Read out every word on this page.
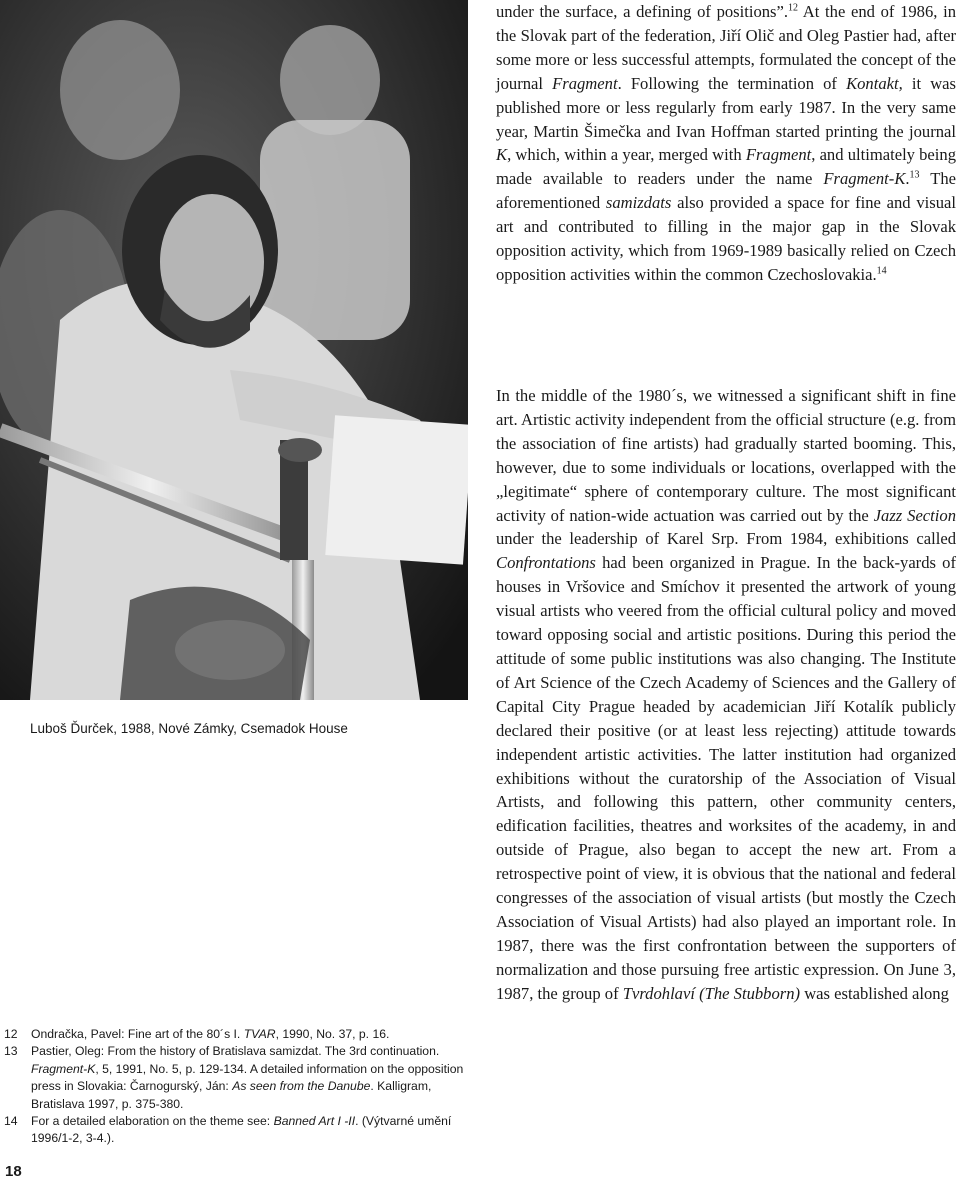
Luboš Ďurček, 1988, Nové Zámky, Csemadok House
12	Ondračka, Pavel: Fine art of the 80´s I. TVAR, 1990, No. 37, p. 16.
13	Pastier, Oleg: From the history of Bratislava samizdat. The 3rd continuation. Fragment-K, 5, 1991, No. 5, p. 129-134. A detailed information on the opposition press in Slovakia: Čarnogurský, Ján: As seen from the Danube. Kalligram, Bratislava 1997, p. 375-380.
14	For a detailed elaboration on the theme see: Banned Art I -II. (Výtvarné umění 1996/1-2, 3-4.).
18

under the surface, a defining of positions”.$^{12}$ At the end of 1986, in the Slovak part of the federation, Jiří Olič and Oleg Pastier had, after some more or less successful attempts, formulated the concept of the journal Fragment. Following the termination of Kontakt, it was published more or less regularly from early 1987. In the very same year, Martin Šimečka and Ivan Hoffman started printing the journal K, which, within a year, merged with Fragment, and ultimately being made available to readers under the name Fragment-K.$^{13}$ The aforementioned samizdats also provided a space for fine and visual art and contributed to filling in the major gap in the Slovak opposition activity, which from 1969-1989 basically relied on Czech opposition activities within the common Czechoslovakia.$^{14}$

In the middle of the 1980´s, we witnessed a significant shift in fine art. Artistic activity independent from the official structure (e.g. from the association of fine artists) had gradually started booming. This, however, due to some individuals or locations, overlapped with the „legitimate“ sphere of contemporary culture. The most significant activity of nation-wide actuation was carried out by the Jazz Section under the leadership of Karel Srp. From 1984, exhibitions called Confrontations had been organized in Prague. In the back-yards of houses in Vršovice and Smíchov it presented the artwork of young visual artists who veered from the official cultural policy and moved toward opposing social and artistic positions. During this period the attitude of some public institutions was also changing. The Institute of Art Science of the Czech Academy of Sciences and the Gallery of Capital City Prague headed by academician Jiří Kotalík publicly declared their positive (or at least less rejecting) attitude towards independent artistic activities. The latter institution had organized exhibitions without the curatorship of the Association of Visual Artists, and following this pattern, other community centers, edification facilities, theatres and worksites of the academy, in and outside of Prague, also began to accept the new art. From a retrospective point of view, it is obvious that the national and federal congresses of the association of visual artists (but mostly the Czech Association of Visual Artists) had also played an important role. In 1987, there was the first confrontation between the supporters of normalization and those pursuing free artistic expression. On June 3, 1987, the group of Tvrdohlaví (The Stubborn) was established along
